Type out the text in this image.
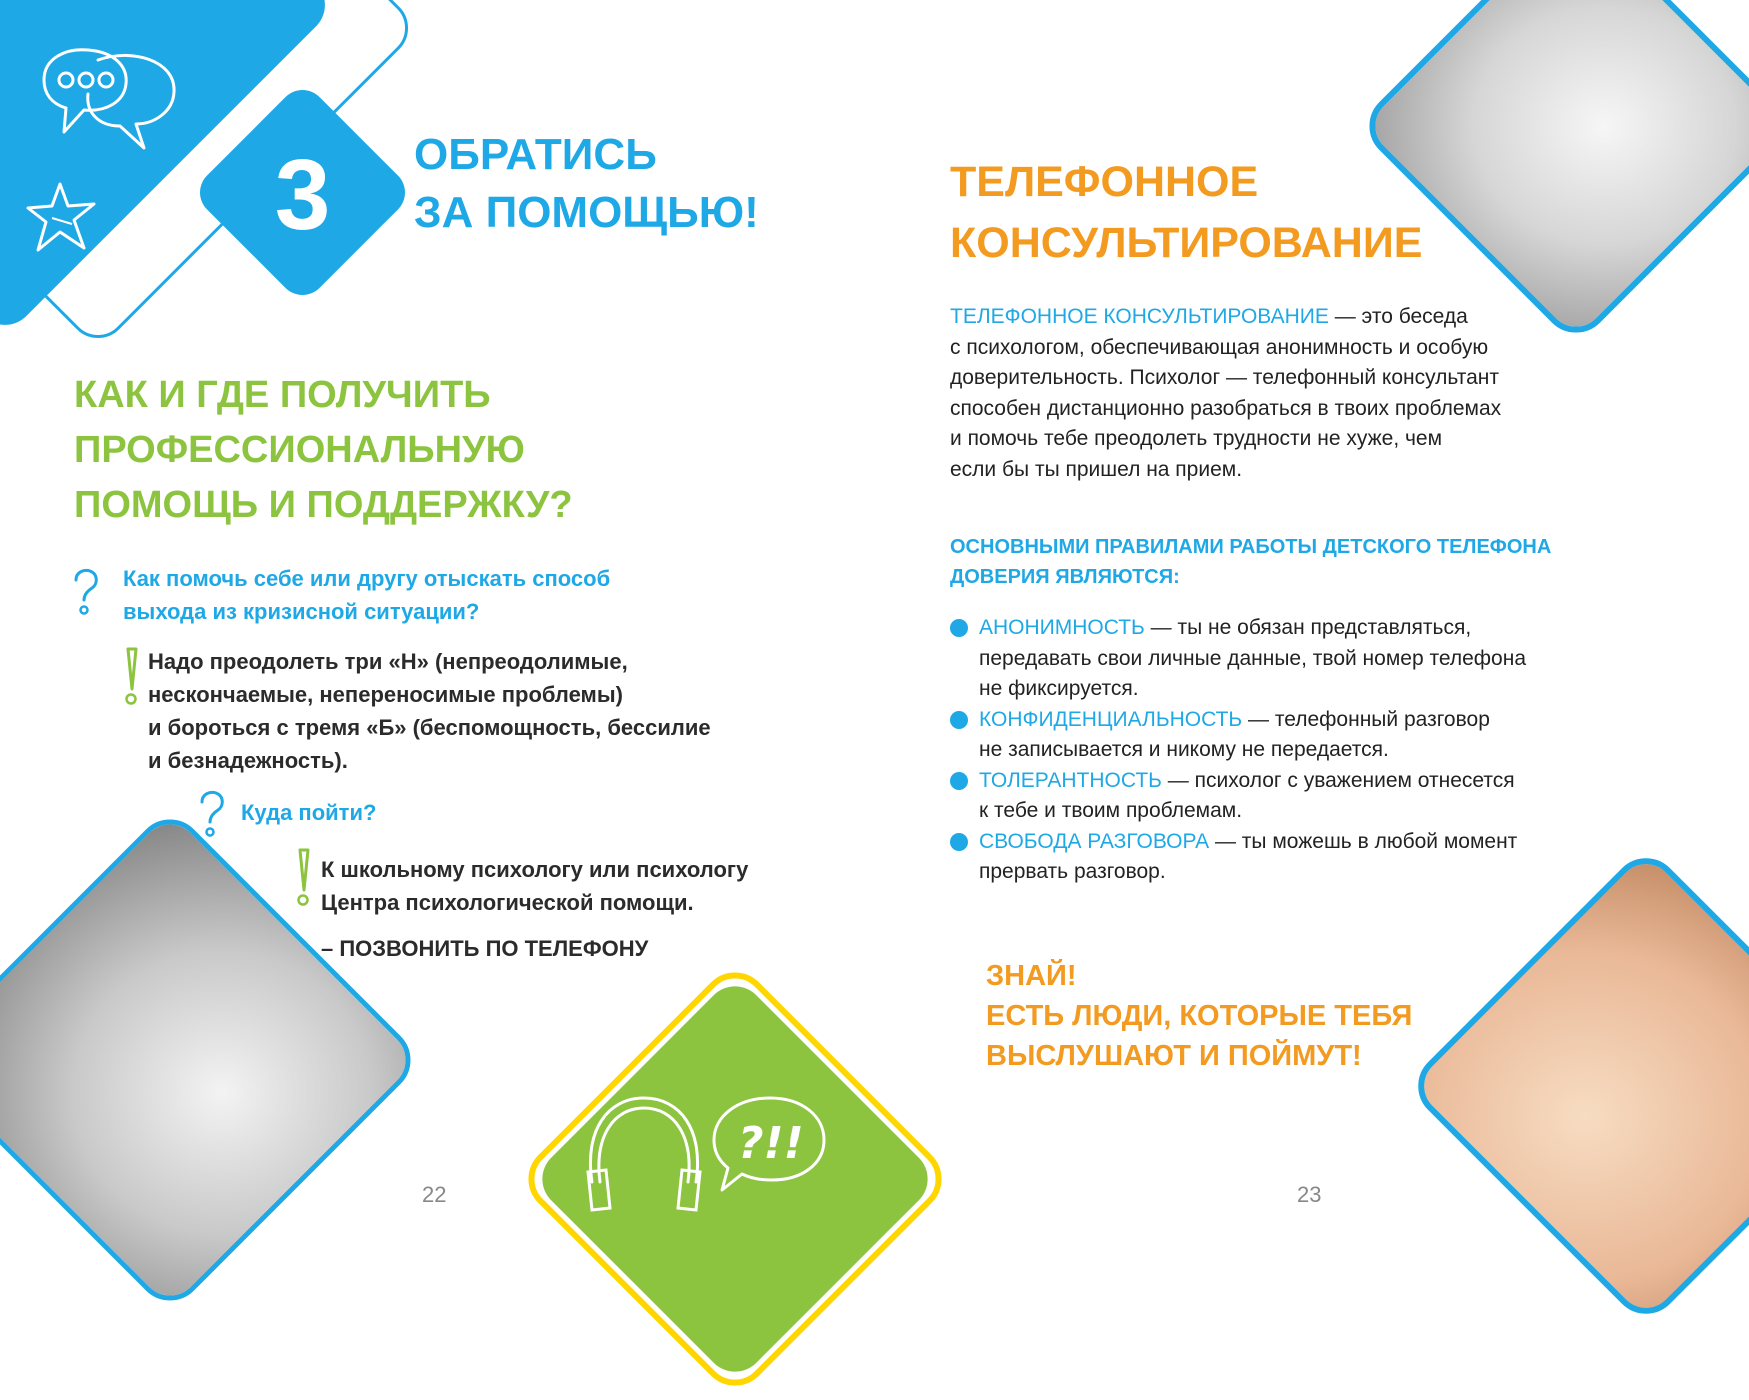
3	ОБРАТИСЬ
ЗА ПОМОЩЬЮ!
КАК И ГДЕ ПОЛУЧИТЬ
ПРОФЕССИОНАЛЬНУЮ
ПОМОЩЬ И ПОДДЕРЖКУ?
Как помочь себе или другу отыскать способ
выхода из кризисной ситуации?
Надо преодолеть три «Н» (непреодолимые,
нескончаемые, непереносимые проблемы)
и бороться с тремя «Б» (беспомощность, бессилие
и безнадежность).
Куда пойти?
К школьному психологу или психологу
Центра психологической помощи.
– ПОЗВОНИТЬ ПО ТЕЛЕФОНУ
?!!
22
ТЕЛЕФОННОЕ
КОНСУЛЬТИРОВАНИЕ
ТЕЛЕФОННОЕ КОНСУЛЬТИРОВАНИЕ — это беседа
с психологом, обеспечивающая анонимность и особую
доверительность. Психолог — телефонный консультант
способен дистанционно разобраться в твоих проблемах
и помочь тебе преодолеть трудности не хуже, чем
если бы ты пришел на прием.
ОСНОВНЫМИ ПРАВИЛАМИ РАБОТЫ ДЕТСКОГО ТЕЛЕФОНА
ДОВЕРИЯ ЯВЛЯЮТСЯ:
АНОНИМНОСТЬ — ты не обязан представляться,
передавать свои личные данные, твой номер телефона
не фиксируется.
КОНФИДЕНЦИАЛЬНОСТЬ — телефонный разговор
не записывается и никому не передается.
ТОЛЕРАНТНОСТЬ — психолог с уважением отнесется
к тебе и твоим проблемам.
СВОБОДА РАЗГОВОРА — ты можешь в любой момент
прервать разговор.
ЗНАЙ!
ЕСТЬ ЛЮДИ, КОТОРЫЕ ТЕБЯ
ВЫСЛУШАЮТ И ПОЙМУТ!
23
